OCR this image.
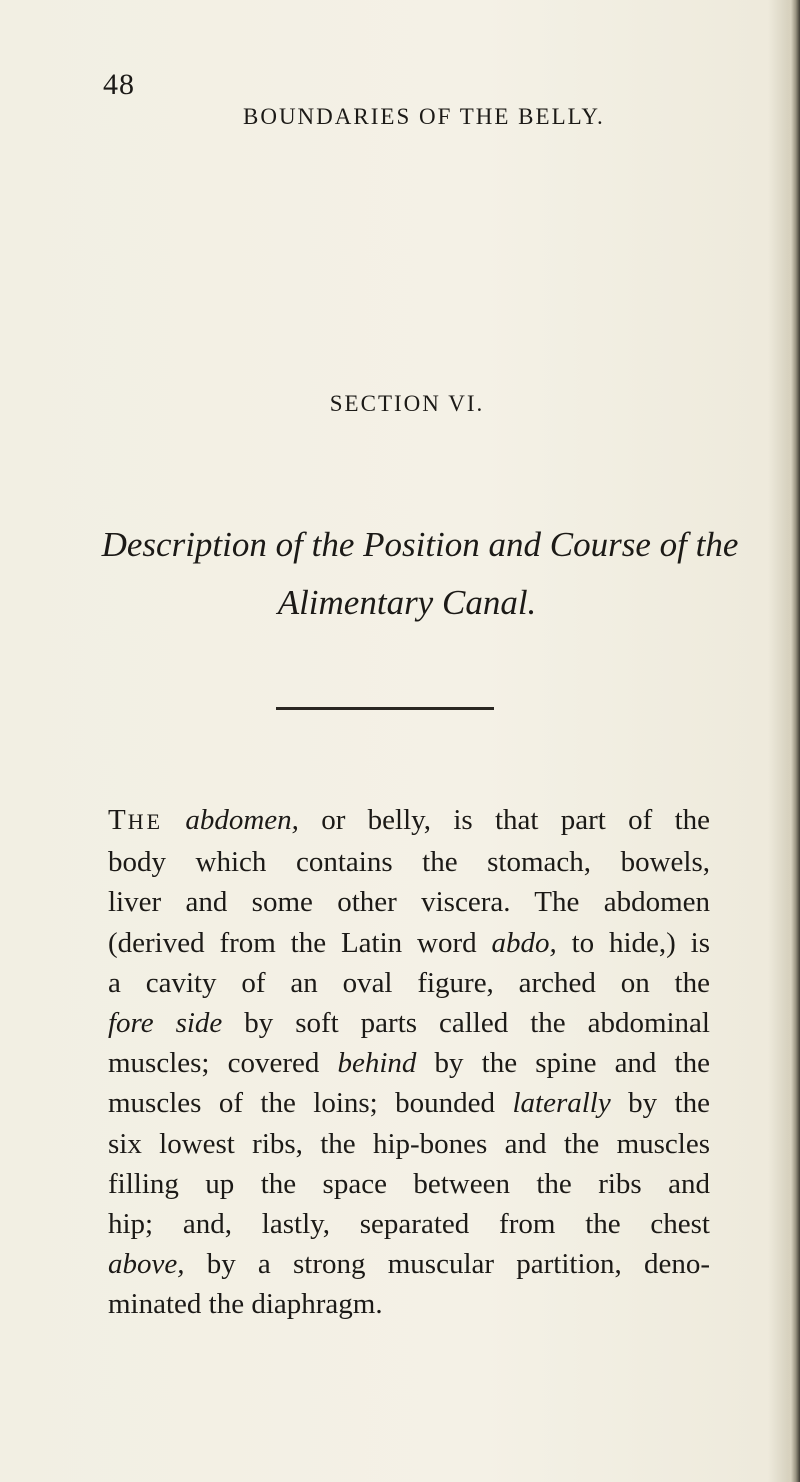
48
BOUNDARIES OF THE BELLY.
SECTION VI.
Description of the Position and Course of the
Alimentary Canal.
THE abdomen, or belly, is that part of the
body which contains the stomach, bowels,
liver and some other viscera. The abdomen
(derived from the Latin word abdo, to hide,) is
a cavity of an oval figure, arched on the
fore side by soft parts called the abdominal
muscles; covered behind by the spine and the
muscles of the loins; bounded laterally by the
six lowest ribs, the hip-bones and the muscles
filling up the space between the ribs and
hip; and, lastly, separated from the chest
above, by a strong muscular partition, deno-
minated the diaphragm.
